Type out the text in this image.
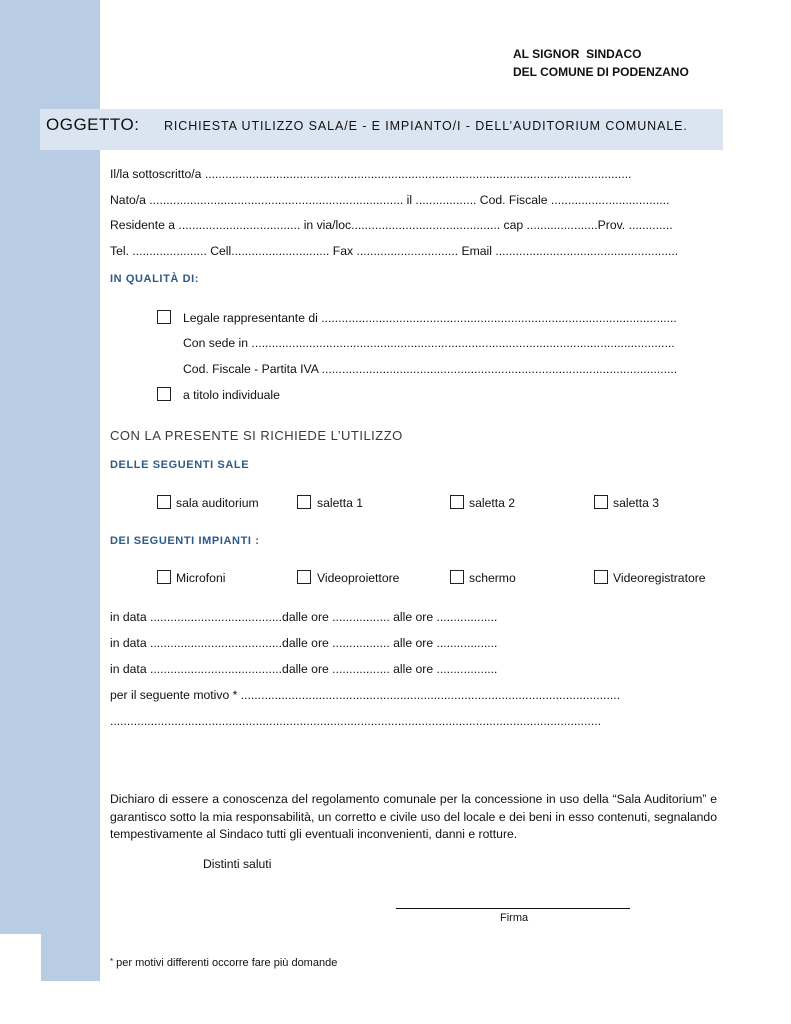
AL SIGNOR  SINDACO
DEL COMUNE DI PODENZANO
OGGETTO: RICHIESTA UTILIZZO SALA/E - E IMPIANTO/I - DELL’AUDITORIUM COMUNALE.
Il/la sottoscritto/a ..............................................................................................................................
Nato/a ........................................................................... il .................. Cod. Fiscale ...................................
Residente a .................................... in via/loc............................................ cap .....................Prov. .............
Tel. ...................... Cell............................. Fax .............................. Email ......................................................
IN QUALITÀ DI:
Legale rappresentante di .........................................................................................................
Con sede in .............................................................................................................................
Cod. Fiscale - Partita IVA .........................................................................................................
a titolo individuale
CON LA PRESENTE SI RICHIEDE L’UTILIZZO
DELLE SEGUENTI SALE
sala auditorium	saletta 1	saletta 2	saletta 3
DEI SEGUENTI IMPIANTI :
Microfoni	Videoproiettore	schermo	Videoregistratore
in data .......................................dalle ore ................. alle ore ..................
in data .......................................dalle ore ................. alle ore ..................
in data .......................................dalle ore ................. alle ore ..................
per il seguente motivo * ................................................................................................................
.................................................................................................................................................
Dichiaro di essere a conoscenza del regolamento comunale per la concessione in uso della “Sala Auditorium” e garantisco sotto la mia responsabilità, un corretto e civile uso del locale e dei beni in esso contenuti, segnalando tempestivamente al Sindaco tutti gli eventuali inconvenienti, danni e rotture.
Distinti saluti
Firma
* per motivi differenti occorre fare più domande
